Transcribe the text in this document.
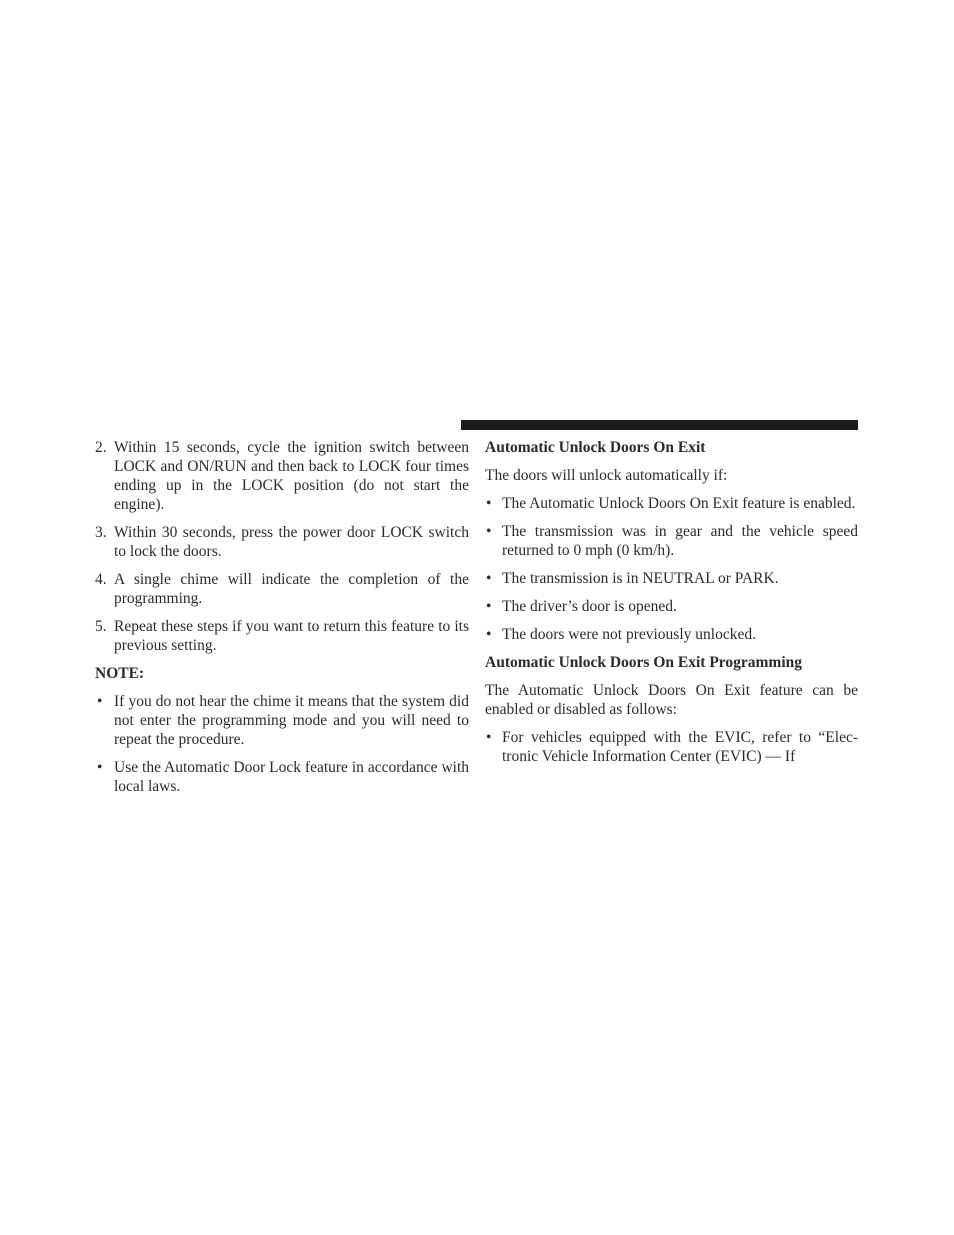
2. Within 15 seconds, cycle the ignition switch between LOCK and ON/RUN and then back to LOCK four times ending up in the LOCK position (do not start the engine).
3. Within 30 seconds, press the power door LOCK switch to lock the doors.
4. A single chime will indicate the completion of the programming.
5. Repeat these steps if you want to return this feature to its previous setting.
NOTE:
• If you do not hear the chime it means that the system did not enter the programming mode and you will need to repeat the procedure.
• Use the Automatic Door Lock feature in accordance with local laws.
Automatic Unlock Doors On Exit

The doors will unlock automatically if:

• The Automatic Unlock Doors On Exit feature is enabled.
• The transmission was in gear and the vehicle speed returned to 0 mph (0 km/h).
• The transmission is in NEUTRAL or PARK.
• The driver’s door is opened.
• The doors were not previously unlocked.
Automatic Unlock Doors On Exit Programming

The Automatic Unlock Doors On Exit feature can be enabled or disabled as follows:

• For vehicles equipped with the EVIC, refer to “Electronic Vehicle Information Center (EVIC) — If
